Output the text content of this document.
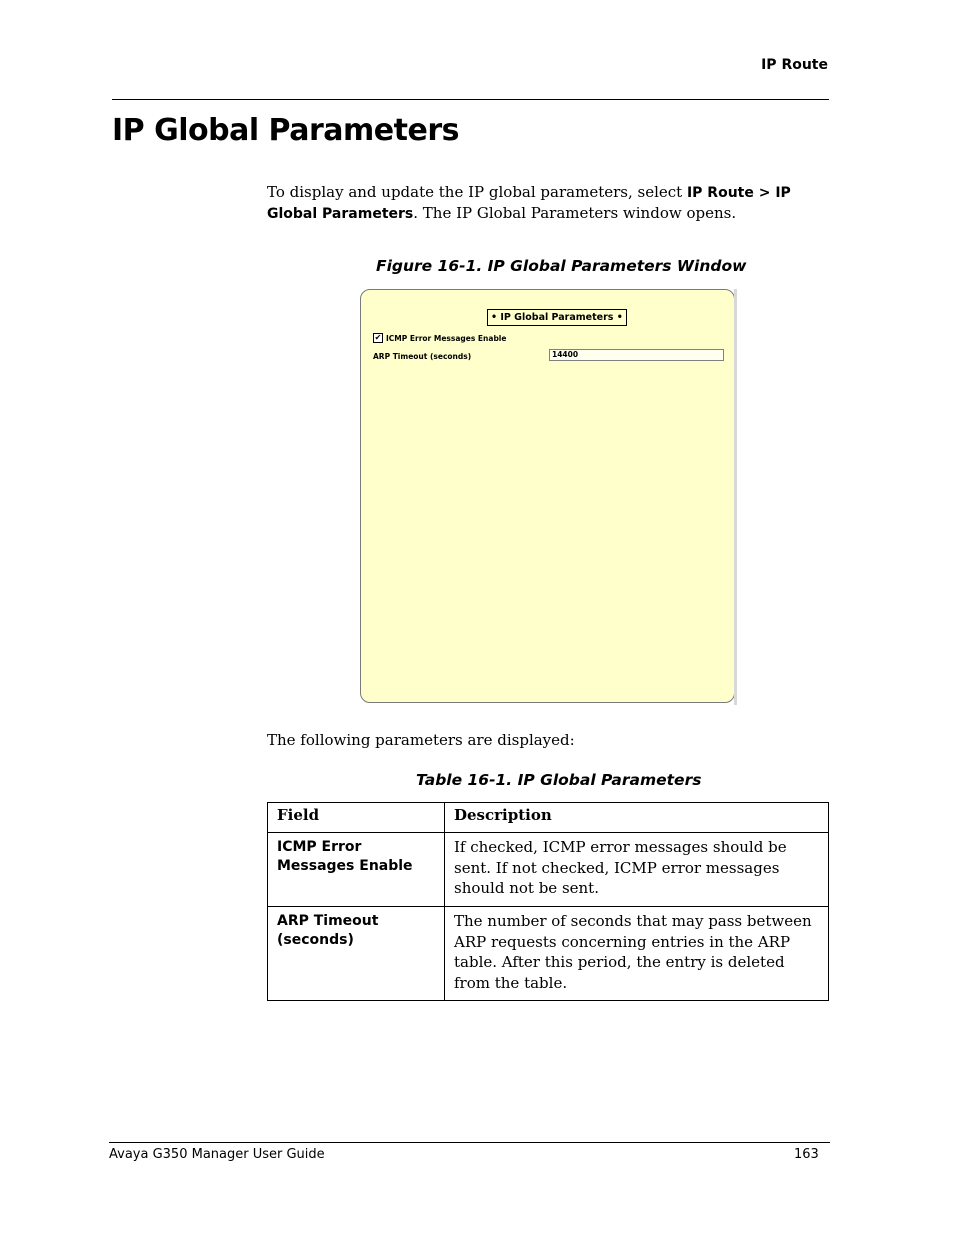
IP Route
IP Global Parameters

To display and update the IP global parameters, select IP Route > IP Global Parameters. The IP Global Parameters window opens.

Figure 16-1. IP Global Parameters Window
• IP Global Parameters •
✔ ICMP Error Messages Enable
ARP Timeout (seconds)	14400
The following parameters are displayed:
Table 16-1. IP Global Parameters
Field	Description
ICMP Error Messages Enable	If checked, ICMP error messages should be sent. If not checked, ICMP error messages should not be sent.
ARP Timeout (seconds)	The number of seconds that may pass between ARP requests concerning entries in the ARP table. After this period, the entry is deleted from the table.
Avaya G350 Manager User Guide	163
